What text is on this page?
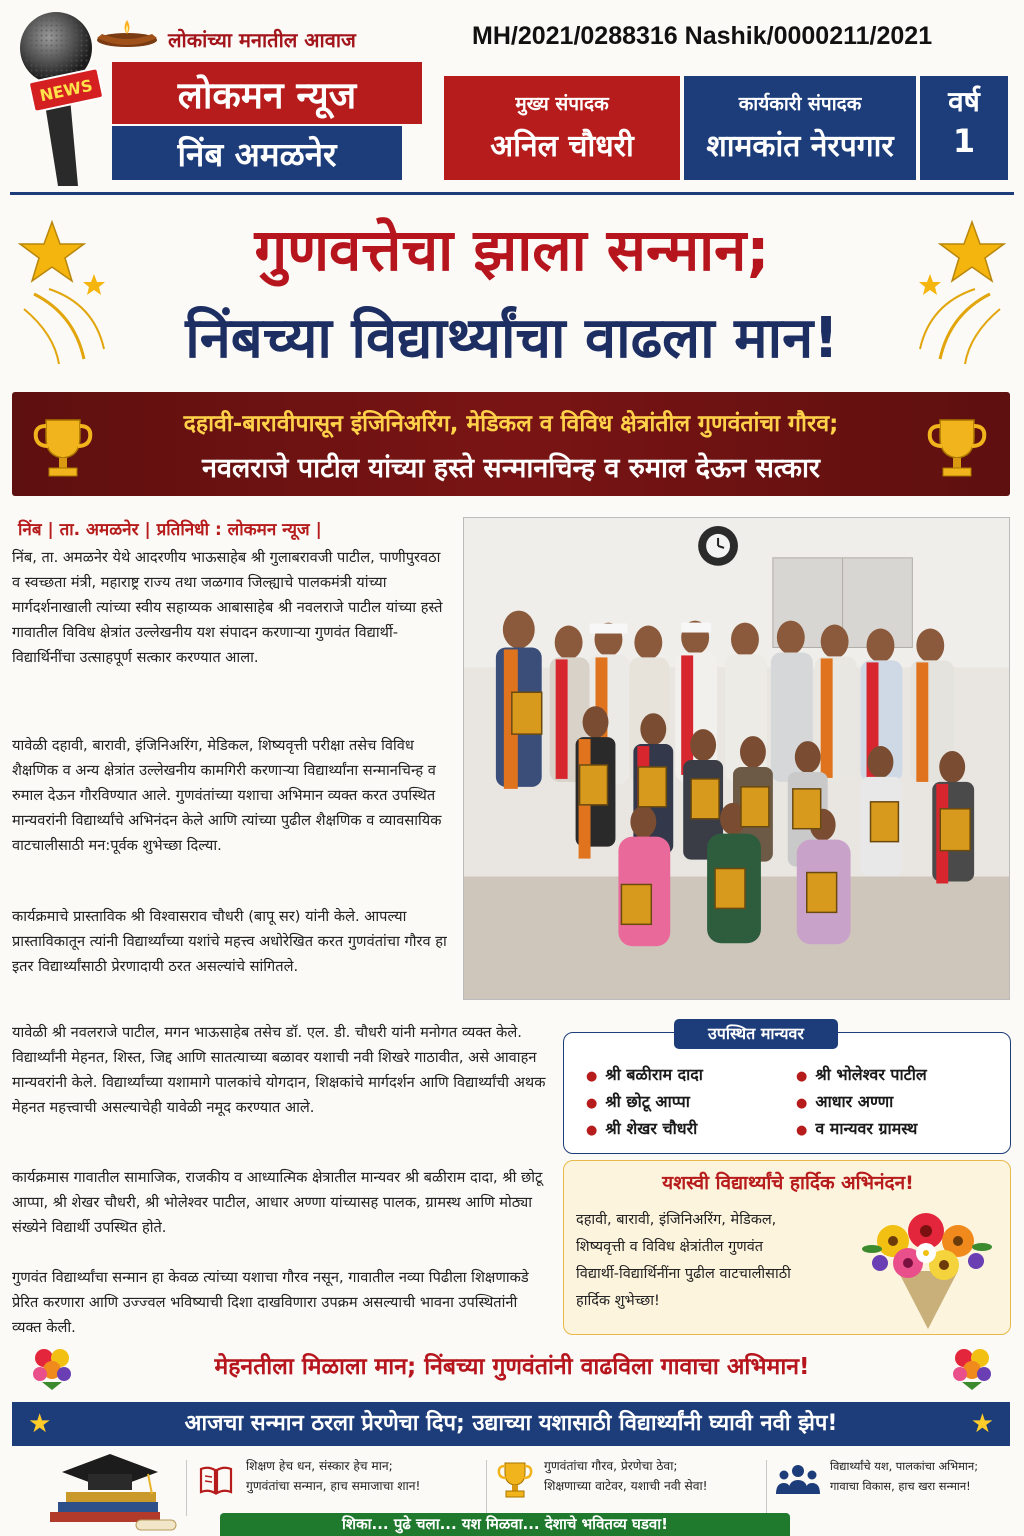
NEWS
लोकांच्या मनातील आवाज
लोकमन न्यूज
निंब अमळनेर
MH/2021/0288316 Nashik/0000211/2021
मुख्य संपादक
अनिल चौधरी
कार्यकारी संपादक
शामकांत नेरपगार
वर्ष
1
गुणवत्तेचा झाला सन्मान;
निंबच्या विद्यार्थ्यांचा वाढला मान!
दहावी-बारावीपासून इंजिनिअरिंग, मेडिकल व विविध क्षेत्रांतील गुणवंतांचा गौरव;
नवलराजे पाटील यांच्या हस्ते सन्मानचिन्ह व रुमाल देऊन सत्कार
निंब | ता. अमळनेर | प्रतिनिधी : लोकमन न्यूज |
निंब, ता. अमळनेर येथे आदरणीय भाऊसाहेब श्री गुलाबरावजी पाटील, पाणीपुरवठा व स्वच्छता मंत्री, महाराष्ट्र राज्य तथा जळगाव जिल्ह्याचे पालकमंत्री यांच्या मार्गदर्शनाखाली त्यांच्या स्वीय सहाय्यक आबासाहेब श्री नवलराजे पाटील यांच्या हस्ते गावातील विविध क्षेत्रांत उल्लेखनीय यश संपादन करणाऱ्या गुणवंत विद्यार्थी-विद्यार्थिनींचा उत्साहपूर्ण सत्कार करण्यात आला.
यावेळी दहावी, बारावी, इंजिनिअरिंग, मेडिकल, शिष्यवृत्ती परीक्षा तसेच विविध शैक्षणिक व अन्य क्षेत्रांत उल्लेखनीय कामगिरी करणाऱ्या विद्यार्थ्यांना सन्मानचिन्ह व रुमाल देऊन गौरविण्यात आले. गुणवंतांच्या यशाचा अभिमान व्यक्त करत उपस्थित मान्यवरांनी विद्यार्थ्यांचे अभिनंदन केले आणि त्यांच्या पुढील शैक्षणिक व व्यावसायिक वाटचालीसाठी मन:पूर्वक शुभेच्छा दिल्या.
कार्यक्रमाचे प्रास्ताविक श्री विश्वासराव चौधरी (बापू सर) यांनी केले. आपल्या प्रास्ताविकातून त्यांनी विद्यार्थ्यांच्या यशांचे महत्त्व अधोरेखित करत गुणवंतांचा गौरव हा इतर विद्यार्थ्यांसाठी प्रेरणादायी ठरत असल्यांचे सांगितले.
यावेळी श्री नवलराजे पाटील, मगन भाऊसाहेब तसेच डॉ. एल. डी. चौधरी यांनी मनोगत व्यक्त केले. विद्यार्थ्यांनी मेहनत, शिस्त, जिद्द आणि सातत्याच्या बळावर यशाची नवी शिखरे गाठावीत, असे आवाहन मान्यवरांनी केले. विद्यार्थ्यांच्या यशामागे पालकांचे योगदान, शिक्षकांचे मार्गदर्शन आणि विद्यार्थ्यांची अथक मेहनत महत्त्वाची असल्याचेही यावेळी नमूद करण्यात आले.
कार्यक्रमास गावातील सामाजिक, राजकीय व आध्यात्मिक क्षेत्रातील मान्यवर श्री बळीराम दादा, श्री छोटू आप्पा, श्री शेखर चौधरी, श्री भोलेश्वर पाटील, आधार अण्णा यांच्यासह पालक, ग्रामस्थ आणि मोठ्या संख्येने विद्यार्थी उपस्थित होते.
गुणवंत विद्यार्थ्यांचा सन्मान हा केवळ त्यांच्या यशाचा गौरव नसून, गावातील नव्या पिढीला शिक्षणाकडे प्रेरित करणारा आणि उज्ज्वल भविष्याची दिशा दाखविणारा उपक्रम असल्याची भावना उपस्थितांनी व्यक्त केली.
उपस्थित मान्यवर
● श्री बळीराम दादा
● श्री छोटू आप्पा
● श्री शेखर चौधरी
● श्री भोलेश्वर पाटील
● आधार अण्णा
● व मान्यवर ग्रामस्थ
यशस्वी विद्यार्थ्यांचे हार्दिक अभिनंदन!
दहावी, बारावी, इंजिनिअरिंग, मेडिकल,
शिष्यवृत्ती व विविध क्षेत्रांतील गुणवंत
विद्यार्थी-विद्यार्थिनींना पुढील वाटचालीसाठी
हार्दिक शुभेच्छा!
मेहनतीला मिळाला मान; निंबच्या गुणवंतांनी वाढविला गावाचा अभिमान!
★	आजचा सन्मान ठरला प्रेरणेचा दिप; उद्याच्या यशासाठी विद्यार्थ्यांनी घ्यावी नवी झेप!	★
शिक्षण हेच धन, संस्कार हेच मान;
गुणवंतांचा सन्मान, हाच समाजाचा शान!
गुणवंतांचा गौरव, प्रेरणेचा ठेवा;
शिक्षणाच्या वाटेवर, यशाची नवी सेवा!
विद्यार्थ्यांचे यश, पालकांचा अभिमान;
गावाचा विकास, हाच खरा सन्मान!
शिका... पुढे चला... यश मिळवा... देशाचे भवितव्य घडवा!
